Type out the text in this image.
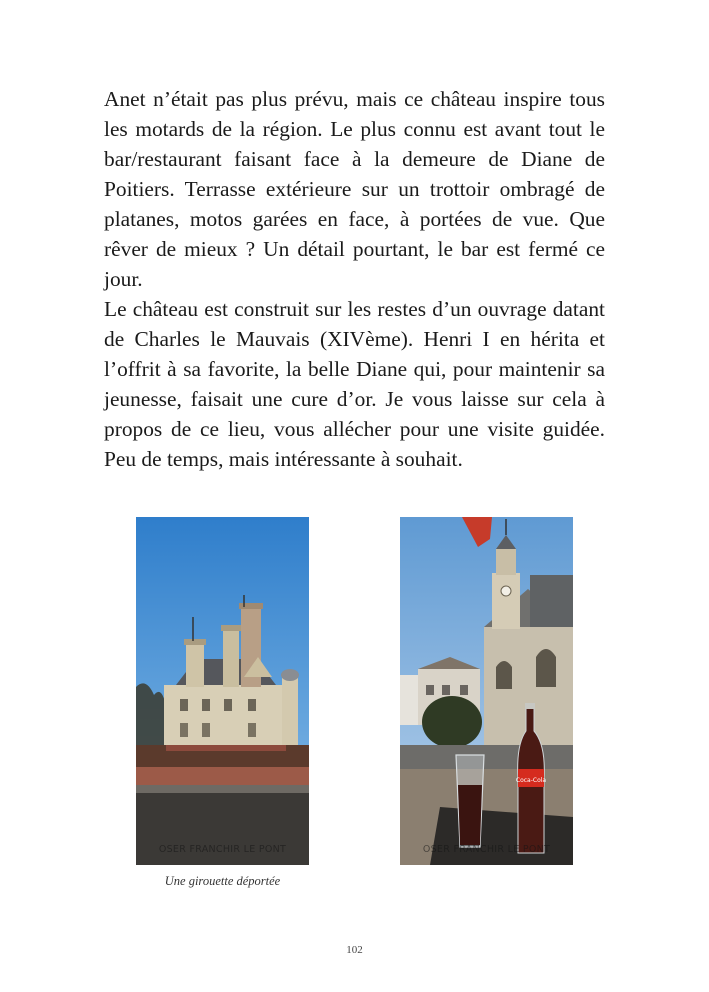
Anet n’était pas plus prévu, mais ce château inspire tous les motards de la région. Le plus connu est avant tout le bar/restaurant faisant face à la demeure de Diane de Poitiers. Terrasse extérieure sur un trottoir ombragé de platanes, motos garées en face, à portées de vue. Que rêver de mieux ? Un détail pourtant, le bar est fermé ce jour.

Le château est construit sur les restes d’un ouvrage datant de Charles le Mauvais (XIVème). Henri I en hérita et l’offrit à sa favorite, la belle Diane qui, pour maintenir sa jeunesse, faisait une cure d’or. Je vous laisse sur cela à propos de ce lieu, vous allécher pour une visite guidée. Peu de temps, mais intéressante à souhait.

OSER FRANCHIR LE PONT
Une girouette déportée
Coca-Cola
OSER FRANCHIR LE PONT
102
